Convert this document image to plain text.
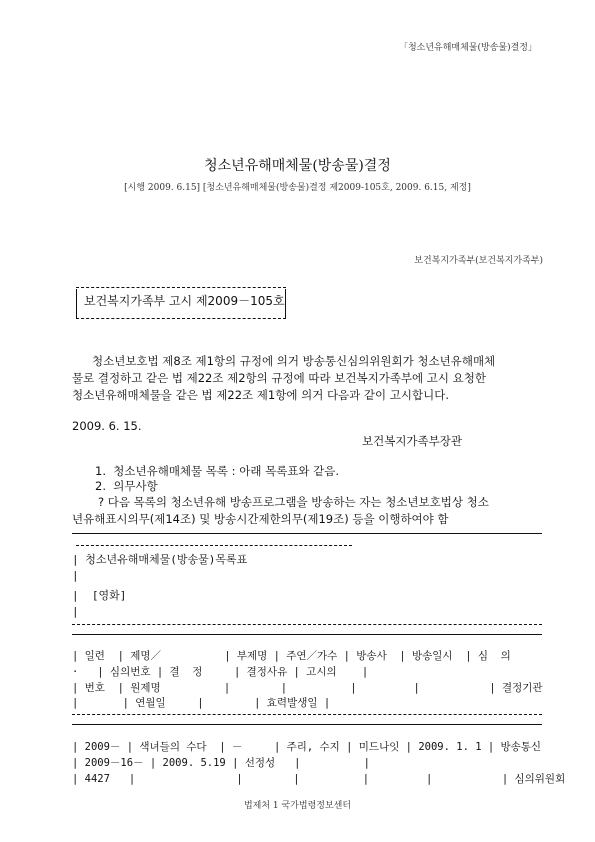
「청소년유해매체물(방송물)결정」
청소년유해매체물(방송물)결정
[시행 2009. 6.15] [청소년유해매체물(방송물)결정 제2009-105호, 2009. 6.15, 제정]
보건복지가족부(보건복지가족부)
보건복지가족부 고시 제2009－105호
청소년보호법 제8조 제1항의 규정에 의거 방송통신심의위원회가 청소년유해매체
물로 결정하고 같은 법 제22조 제2항의 규정에 따라 보건복지가족부에 고시 요청한
청소년유해매체물을 같은 법 제22조 제1항에 의거 다음과 같이 고시합니다.
2009. 6. 15.
보건복지가족부장관
1.  청소년유해매체물 목록 : 아래 목록표와 같음.
2.  의무사항
? 다음 목록의 청소년유해 방송프로그램을 방송하는 자는 청소년보호법상 청소
년유해표시의무(제14조) 및 방송시간제한의무(제19조) 등을 이행하여야 함
| 청소년유해매체물(방송물)목록표
|
|  [영화]
|
| 일련  | 제명／          | 부제명 | 주연／가수 | 방송사  | 방송일시  | 심  의
·   | 심의번호 | 결  정     | 결정사유 | 고시의    |
| 번호  | 원제명          |        |          |         |           | 결정기관
|       | 연월일     |        | 효력발생일 |
| 2009－ | 색녀들의 수다  | －     | 주리, 수지 | 미드나잇 | 2009. 1. 1 | 방송통신
| 2009－16－ | 2009. 5.19 | 선정성   |          |
| 4427   |                |        |          |         |           | 심의위원회
법제처 1 국가법령정보센터
